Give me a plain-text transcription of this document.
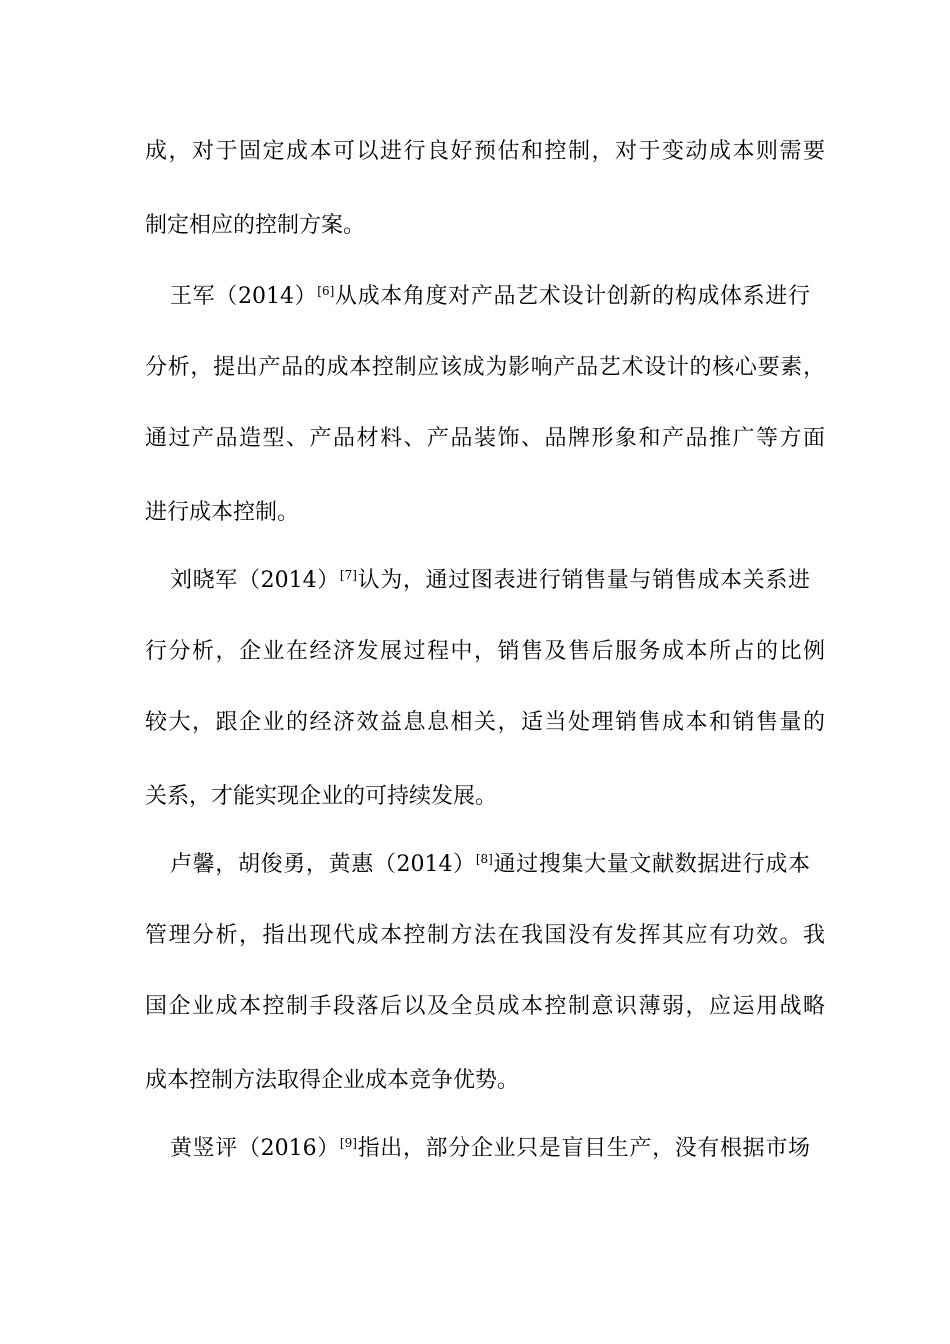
成，对于固定成本可以进行良好预估和控制，对于变动成本则需要
制定相应的控制方案。
王军（2014）[6]从成本角度对产品艺术设计创新的构成体系进行
分析，提出产品的成本控制应该成为影响产品艺术设计的核心要素，
通过产品造型、产品材料、产品装饰、品牌形象和产品推广等方面
进行成本控制。
刘晓军（2014）[7]认为，通过图表进行销售量与销售成本关系进
行分析，企业在经济发展过程中，销售及售后服务成本所占的比例
较大，跟企业的经济效益息息相关，适当处理销售成本和销售量的
关系，才能实现企业的可持续发展。
卢馨，胡俊勇，黄惠（2014）[8]通过搜集大量文献数据进行成本
管理分析，指出现代成本控制方法在我国没有发挥其应有功效。我
国企业成本控制手段落后以及全员成本控制意识薄弱，应运用战略
成本控制方法取得企业成本竞争优势。
黄竖评（2016）[9]指出，部分企业只是盲目生产，没有根据市场
